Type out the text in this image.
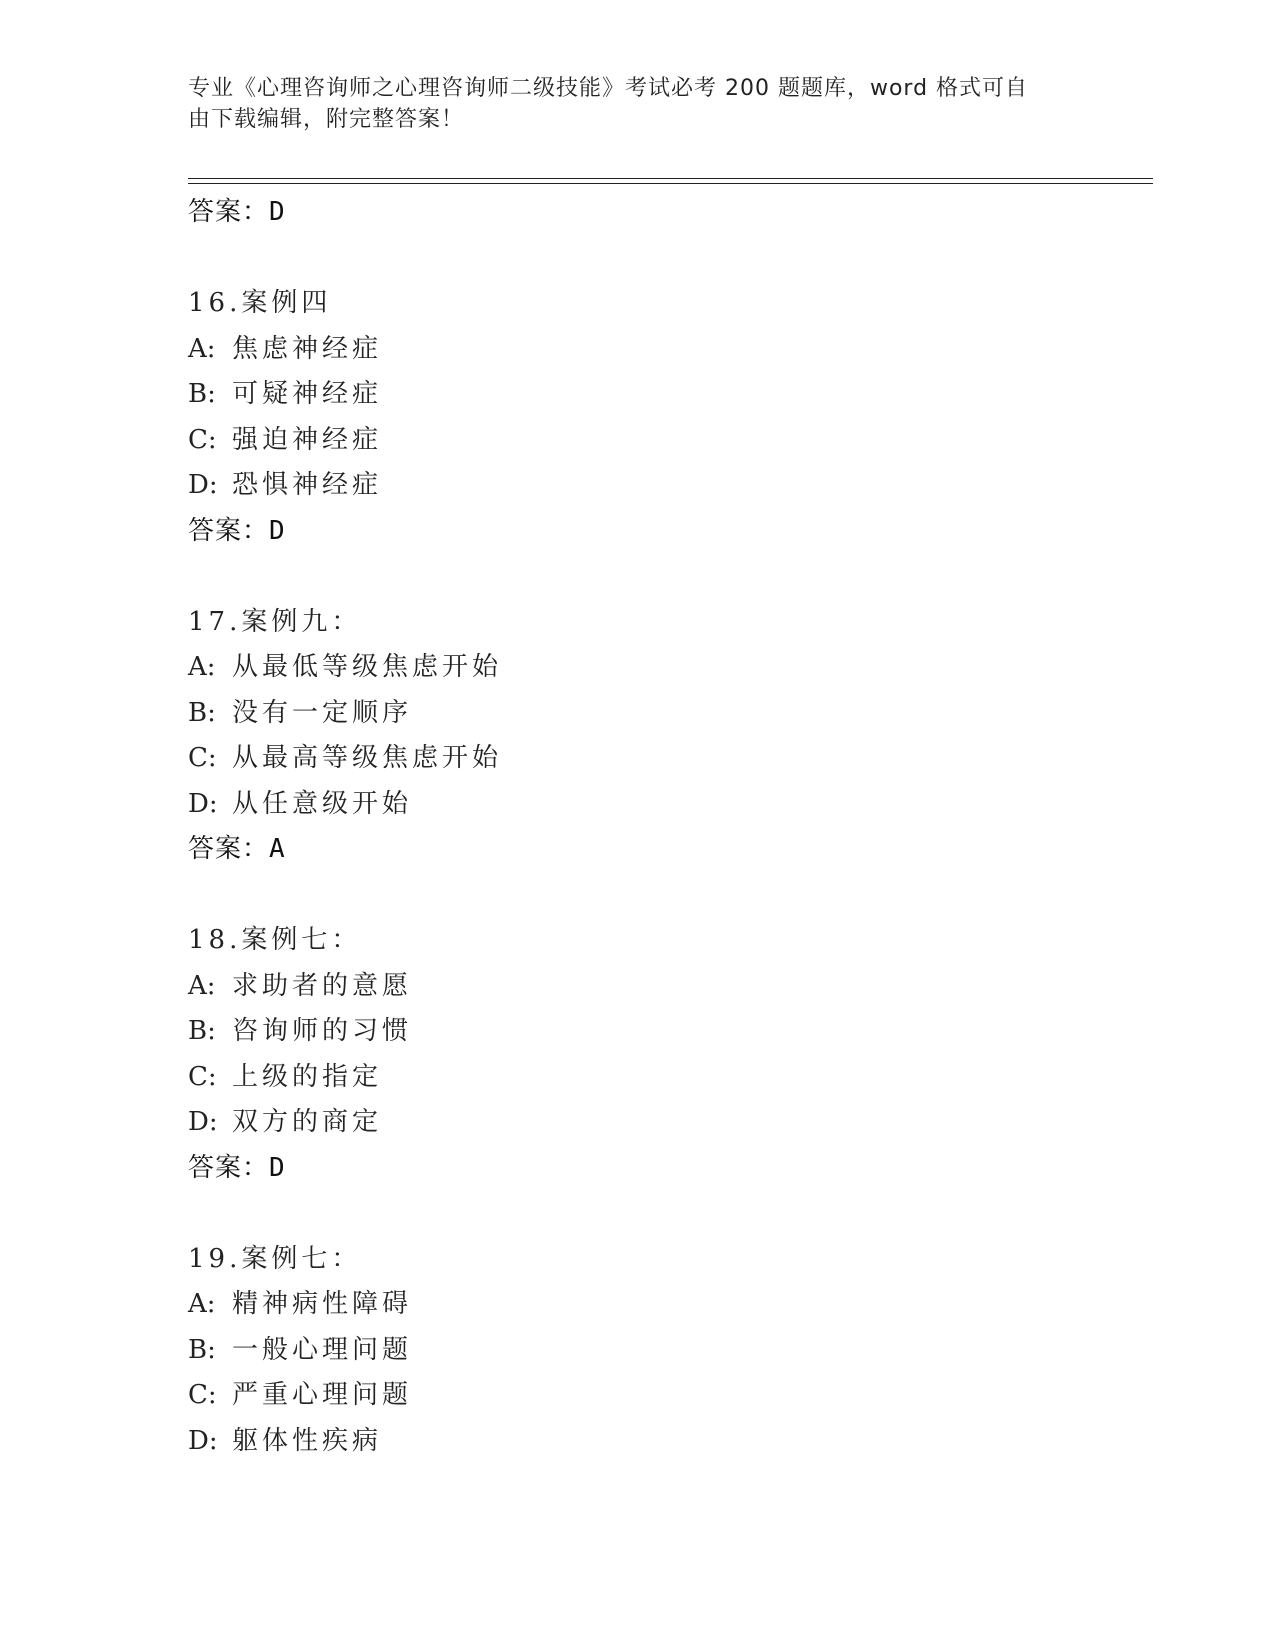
专业《心理咨询师之心理咨询师二级技能》考试必考 200 题题库，word 格式可自
由下载编辑，附完整答案！
答案：D
16.案例四
A: 焦虑神经症
B: 可疑神经症
C: 强迫神经症
D: 恐惧神经症
答案：D
17.案例九：
A: 从最低等级焦虑开始
B: 没有一定顺序
C: 从最高等级焦虑开始
D: 从任意级开始
答案：A
18.案例七：
A: 求助者的意愿
B: 咨询师的习惯
C: 上级的指定
D: 双方的商定
答案：D
19.案例七：
A: 精神病性障碍
B: 一般心理问题
C: 严重心理问题
D: 躯体性疾病
